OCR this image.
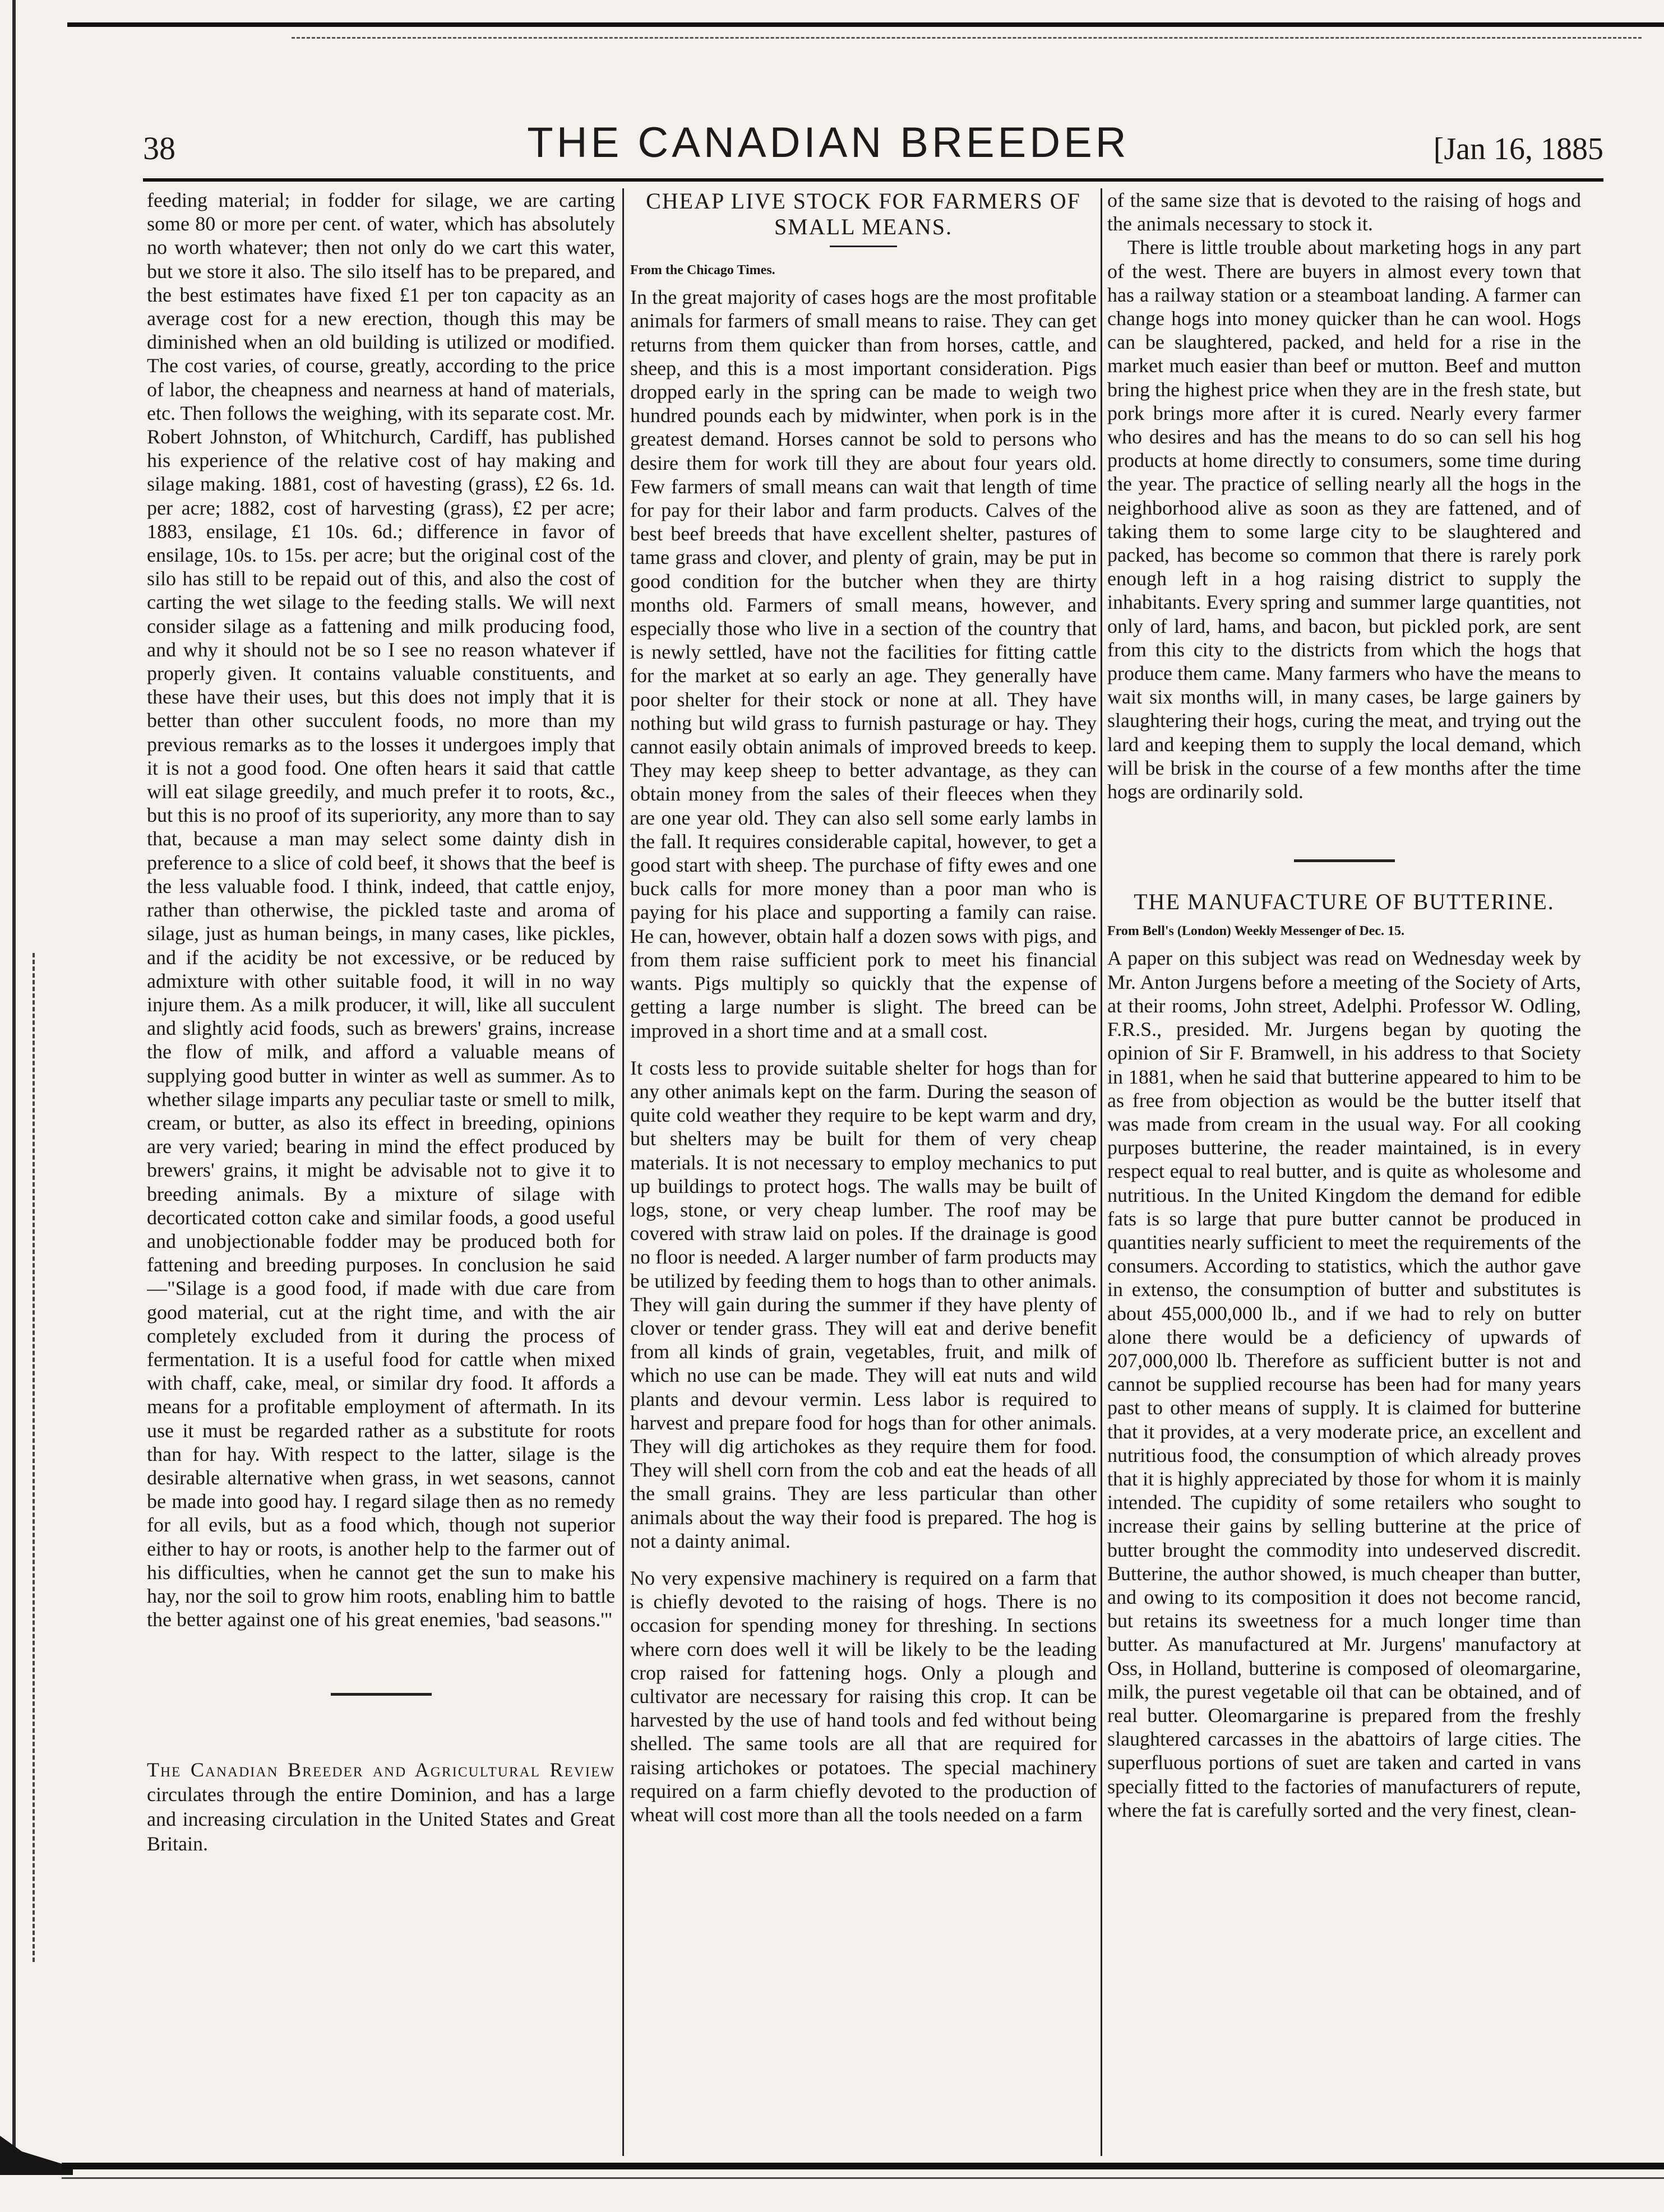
38	THE CANADIAN BREEDER	[Jan 16, 1885

feeding material; in fodder for silage, we are carting some 80 or more per cent. of water, which has absolutely no worth whatever; then not only do we cart this water, but we store it also. The silo itself has to be prepared, and the best estimates have fixed £1 per ton capacity as an average cost for a new erection, though this may be diminished when an old building is utilized or modified. The cost varies, of course, greatly, according to the price of labor, the cheapness and nearness at hand of materials, etc. Then follows the weighing, with its separate cost. Mr. Robert Johnston, of Whitchurch, Cardiff, has published his experience of the relative cost of hay making and silage making. 1881, cost of havesting (grass), £2 6s. 1d. per acre; 1882, cost of harvesting (grass), £2 per acre; 1883, ensilage, £1 10s. 6d.; difference in favor of ensilage, 10s. to 15s. per acre; but the original cost of the silo has still to be repaid out of this, and also the cost of carting the wet silage to the feeding stalls. We will next consider silage as a fattening and milk producing food, and why it should not be so I see no reason whatever if properly given. It contains valuable constituents, and these have their uses, but this does not imply that it is better than other succulent foods, no more than my previous remarks as to the losses it undergoes imply that it is not a good food. One often hears it said that cattle will eat silage greedily, and much prefer it to roots, &c., but this is no proof of its superiority, any more than to say that, because a man may select some dainty dish in preference to a slice of cold beef, it shows that the beef is the less valuable food. I think, indeed, that cattle enjoy, rather than otherwise, the pickled taste and aroma of silage, just as human beings, in many cases, like pickles, and if the acidity be not excessive, or be reduced by admixture with other suitable food, it will in no way injure them. As a milk producer, it will, like all succulent and slightly acid foods, such as brewers' grains, increase the flow of milk, and afford a valuable means of supplying good butter in winter as well as summer. As to whether silage imparts any peculiar taste or smell to milk, cream, or butter, as also its effect in breeding, opinions are very varied; bearing in mind the effect produced by brewers' grains, it might be advisable not to give it to breeding animals. By a mixture of silage with decorticated cotton cake and similar foods, a good useful and unobjectionable fodder may be produced both for fattening and breeding purposes. In conclusion he said—"Silage is a good food, if made with due care from good material, cut at the right time, and with the air completely excluded from it during the process of fermentation. It is a useful food for cattle when mixed with chaff, cake, meal, or similar dry food. It affords a means for a profitable employment of aftermath. In its use it must be regarded rather as a substitute for roots than for hay. With respect to the latter, silage is the desirable alternative when grass, in wet seasons, cannot be made into good hay. I regard silage then as no remedy for all evils, but as a food which, though not superior either to hay or roots, is another help to the farmer out of his difficulties, when he cannot get the sun to make his hay, nor the soil to grow him roots, enabling him to battle the better against one of his great enemies, 'bad seasons.'"

The Canadian Breeder and Agricultural Review circulates through the entire Dominion, and has a large and increasing circulation in the United States and Great Britain.

CHEAP LIVE STOCK FOR FARMERS OF SMALL MEANS.
From the Chicago Times.

In the great majority of cases hogs are the most profitable animals for farmers of small means to raise. They can get returns from them quicker than from horses, cattle, and sheep, and this is a most important consideration. Pigs dropped early in the spring can be made to weigh two hundred pounds each by midwinter, when pork is in the greatest demand. Horses cannot be sold to persons who desire them for work till they are about four years old. Few farmers of small means can wait that length of time for pay for their labor and farm products. Calves of the best beef breeds that have excellent shelter, pastures of tame grass and clover, and plenty of grain, may be put in good condition for the butcher when they are thirty months old. Farmers of small means, however, and especially those who live in a section of the country that is newly settled, have not the facilities for fitting cattle for the market at so early an age. They generally have poor shelter for their stock or none at all. They have nothing but wild grass to furnish pasturage or hay. They cannot easily obtain animals of improved breeds to keep. They may keep sheep to better advantage, as they can obtain money from the sales of their fleeces when they are one year old. They can also sell some early lambs in the fall. It requires considerable capital, however, to get a good start with sheep. The purchase of fifty ewes and one buck calls for more money than a poor man who is paying for his place and supporting a family can raise. He can, however, obtain half a dozen sows with pigs, and from them raise sufficient pork to meet his financial wants. Pigs multiply so quickly that the expense of getting a large number is slight. The breed can be improved in a short time and at a small cost.

It costs less to provide suitable shelter for hogs than for any other animals kept on the farm. During the season of quite cold weather they require to be kept warm and dry, but shelters may be built for them of very cheap materials. It is not necessary to employ mechanics to put up buildings to protect hogs. The walls may be built of logs, stone, or very cheap lumber. The roof may be covered with straw laid on poles. If the drainage is good no floor is needed. A larger number of farm products may be utilized by feeding them to hogs than to other animals. They will gain during the summer if they have plenty of clover or tender grass. They will eat and derive benefit from all kinds of grain, vegetables, fruit, and milk of which no use can be made. They will eat nuts and wild plants and devour vermin. Less labor is required to harvest and prepare food for hogs than for other animals. They will dig artichokes as they require them for food. They will shell corn from the cob and eat the heads of all the small grains. They are less particular than other animals about the way their food is prepared. The hog is not a dainty animal.

No very expensive machinery is required on a farm that is chiefly devoted to the raising of hogs. There is no occasion for spending money for threshing. In sections where corn does well it will be likely to be the leading crop raised for fattening hogs. Only a plough and cultivator are necessary for raising this crop. It can be harvested by the use of hand tools and fed without being shelled. The same tools are all that are required for raising artichokes or potatoes. The special machinery required on a farm chiefly devoted to the production of wheat will cost more than all the tools needed on a farm

of the same size that is devoted to the raising of hogs and the animals necessary to stock it.

There is little trouble about marketing hogs in any part of the west. There are buyers in almost every town that has a railway station or a steamboat landing. A farmer can change hogs into money quicker than he can wool. Hogs can be slaughtered, packed, and held for a rise in the market much easier than beef or mutton. Beef and mutton bring the highest price when they are in the fresh state, but pork brings more after it is cured. Nearly every farmer who desires and has the means to do so can sell his hog products at home directly to consumers, some time during the year. The practice of selling nearly all the hogs in the neighborhood alive as soon as they are fattened, and of taking them to some large city to be slaughtered and packed, has become so common that there is rarely pork enough left in a hog raising district to supply the inhabitants. Every spring and summer large quantities, not only of lard, hams, and bacon, but pickled pork, are sent from this city to the districts from which the hogs that produce them came. Many farmers who have the means to wait six months will, in many cases, be large gainers by slaughtering their hogs, curing the meat, and trying out the lard and keeping them to supply the local demand, which will be brisk in the course of a few months after the time hogs are ordinarily sold.

THE MANUFACTURE OF BUTTERINE.
From Bell's (London) Weekly Messenger of Dec. 15.

A paper on this subject was read on Wednesday week by Mr. Anton Jurgens before a meeting of the Society of Arts, at their rooms, John street, Adelphi. Professor W. Odling, F.R.S., presided. Mr. Jurgens began by quoting the opinion of Sir F. Bramwell, in his address to that Society in 1881, when he said that butterine appeared to him to be as free from objection as would be the butter itself that was made from cream in the usual way. For all cooking purposes butterine, the reader maintained, is in every respect equal to real butter, and is quite as wholesome and nutritious. In the United Kingdom the demand for edible fats is so large that pure butter cannot be produced in quantities nearly sufficient to meet the requirements of the consumers. According to statistics, which the author gave in extenso, the consumption of butter and substitutes is about 455,000,000 lb., and if we had to rely on butter alone there would be a deficiency of upwards of 207,000,000 lb. Therefore as sufficient butter is not and cannot be supplied recourse has been had for many years past to other means of supply. It is claimed for butterine that it provides, at a very moderate price, an excellent and nutritious food, the consumption of which already proves that it is highly appreciated by those for whom it is mainly intended. The cupidity of some retailers who sought to increase their gains by selling butterine at the price of butter brought the commodity into undeserved discredit. Butterine, the author showed, is much cheaper than butter, and owing to its composition it does not become rancid, but retains its sweetness for a much longer time than butter. As manufactured at Mr. Jurgens' manufactory at Oss, in Holland, butterine is composed of oleomargarine, milk, the purest vegetable oil that can be obtained, and of real butter. Oleomargarine is prepared from the freshly slaughtered carcasses in the abattoirs of large cities. The superfluous portions of suet are taken and carted in vans specially fitted to the factories of manufacturers of repute, where the fat is carefully sorted and the very finest, clean-
